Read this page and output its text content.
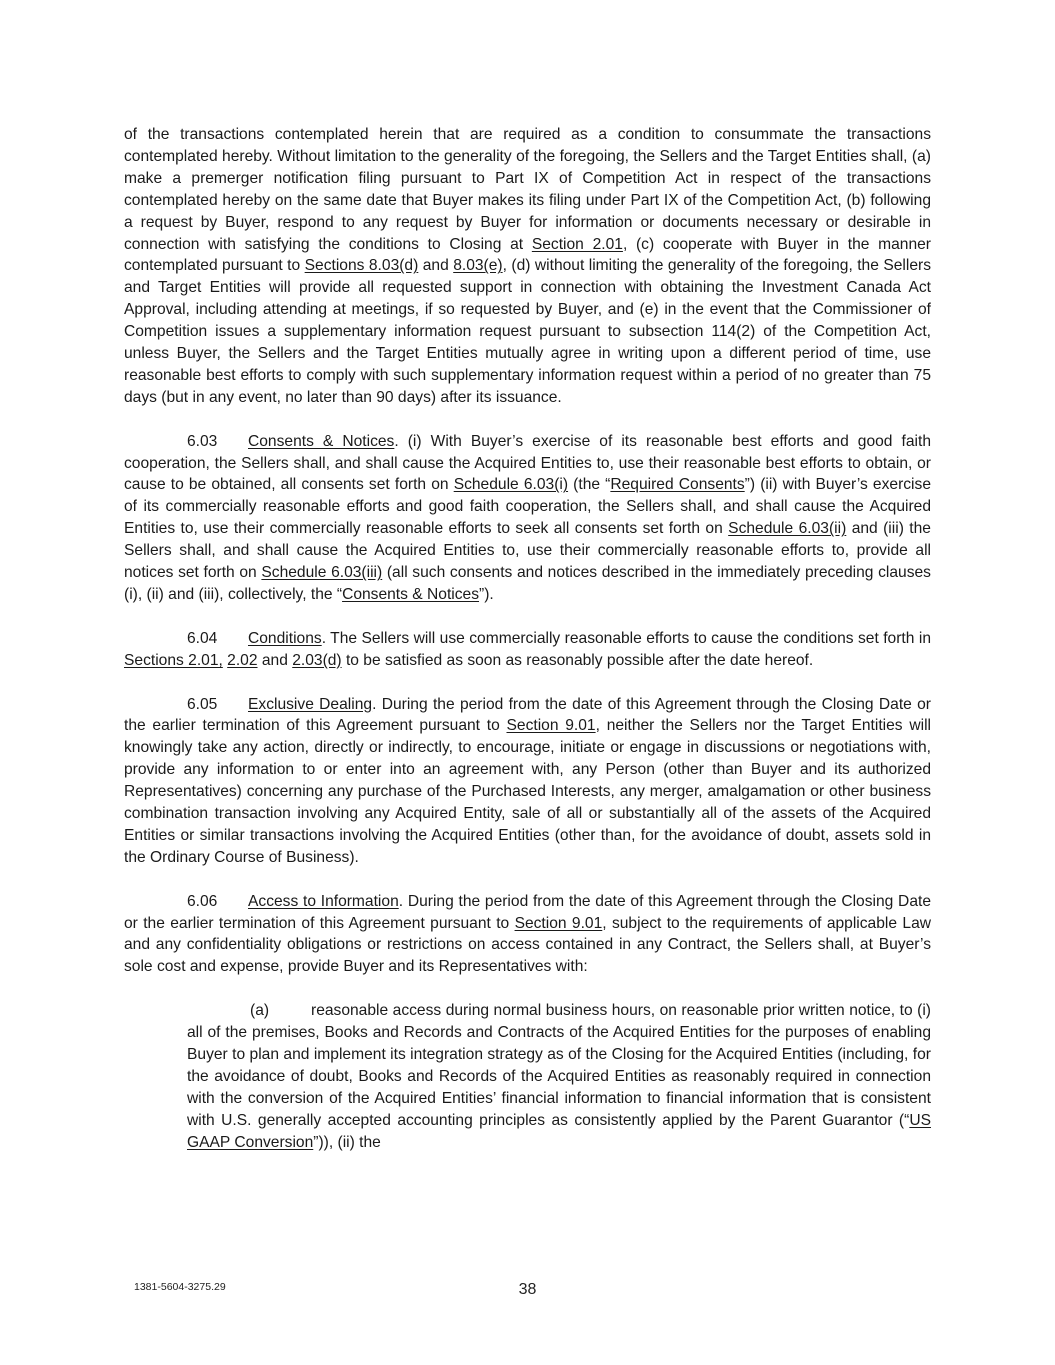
of the transactions contemplated herein that are required as a condition to consummate the transactions contemplated hereby. Without limitation to the generality of the foregoing, the Sellers and the Target Entities shall, (a) make a premerger notification filing pursuant to Part IX of Competition Act in respect of the transactions contemplated hereby on the same date that Buyer makes its filing under Part IX of the Competition Act, (b) following a request by Buyer, respond to any request by Buyer for information or documents necessary or desirable in connection with satisfying the conditions to Closing at Section 2.01, (c) cooperate with Buyer in the manner contemplated pursuant to Sections 8.03(d) and 8.03(e), (d) without limiting the generality of the foregoing, the Sellers and Target Entities will provide all requested support in connection with obtaining the Investment Canada Act Approval, including attending at meetings, if so requested by Buyer, and (e) in the event that the Commissioner of Competition issues a supplementary information request pursuant to subsection 114(2) of the Competition Act, unless Buyer, the Sellers and the Target Entities mutually agree in writing upon a different period of time, use reasonable best efforts to comply with such supplementary information request within a period of no greater than 75 days (but in any event, no later than 90 days) after its issuance.

6.03 Consents & Notices. (i) With Buyer’s exercise of its reasonable best efforts and good faith cooperation, the Sellers shall, and shall cause the Acquired Entities to, use their reasonable best efforts to obtain, or cause to be obtained, all consents set forth on Schedule 6.03(i) (the “Required Consents”) (ii) with Buyer’s exercise of its commercially reasonable efforts and good faith cooperation, the Sellers shall, and shall cause the Acquired Entities to, use their commercially reasonable efforts to seek all consents set forth on Schedule 6.03(ii) and (iii) the Sellers shall, and shall cause the Acquired Entities to, use their commercially reasonable efforts to, provide all notices set forth on Schedule 6.03(iii) (all such consents and notices described in the immediately preceding clauses (i), (ii) and (iii), collectively, the “Consents & Notices”).

6.04 Conditions. The Sellers will use commercially reasonable efforts to cause the conditions set forth in Sections 2.01, 2.02 and 2.03(d) to be satisfied as soon as reasonably possible after the date hereof.

6.05 Exclusive Dealing. During the period from the date of this Agreement through the Closing Date or the earlier termination of this Agreement pursuant to Section 9.01, neither the Sellers nor the Target Entities will knowingly take any action, directly or indirectly, to encourage, initiate or engage in discussions or negotiations with, provide any information to or enter into an agreement with, any Person (other than Buyer and its authorized Representatives) concerning any purchase of the Purchased Interests, any merger, amalgamation or other business combination transaction involving any Acquired Entity, sale of all or substantially all of the assets of the Acquired Entities or similar transactions involving the Acquired Entities (other than, for the avoidance of doubt, assets sold in the Ordinary Course of Business).

6.06 Access to Information. During the period from the date of this Agreement through the Closing Date or the earlier termination of this Agreement pursuant to Section 9.01, subject to the requirements of applicable Law and any confidentiality obligations or restrictions on access contained in any Contract, the Sellers shall, at Buyer’s sole cost and expense, provide Buyer and its Representatives with:

(a)	reasonable access during normal business hours, on reasonable prior written notice, to (i) all of the premises, Books and Records and Contracts of the Acquired Entities for the purposes of enabling Buyer to plan and implement its integration strategy as of the Closing for the Acquired Entities (including, for the avoidance of doubt, Books and Records of the Acquired Entities as reasonably required in connection with the conversion of the Acquired Entities’ financial information to financial information that is consistent with U.S. generally accepted accounting principles as consistently applied by the Parent Guarantor (“US GAAP Conversion”)), (ii) the

1381-5604-3275.29	38
